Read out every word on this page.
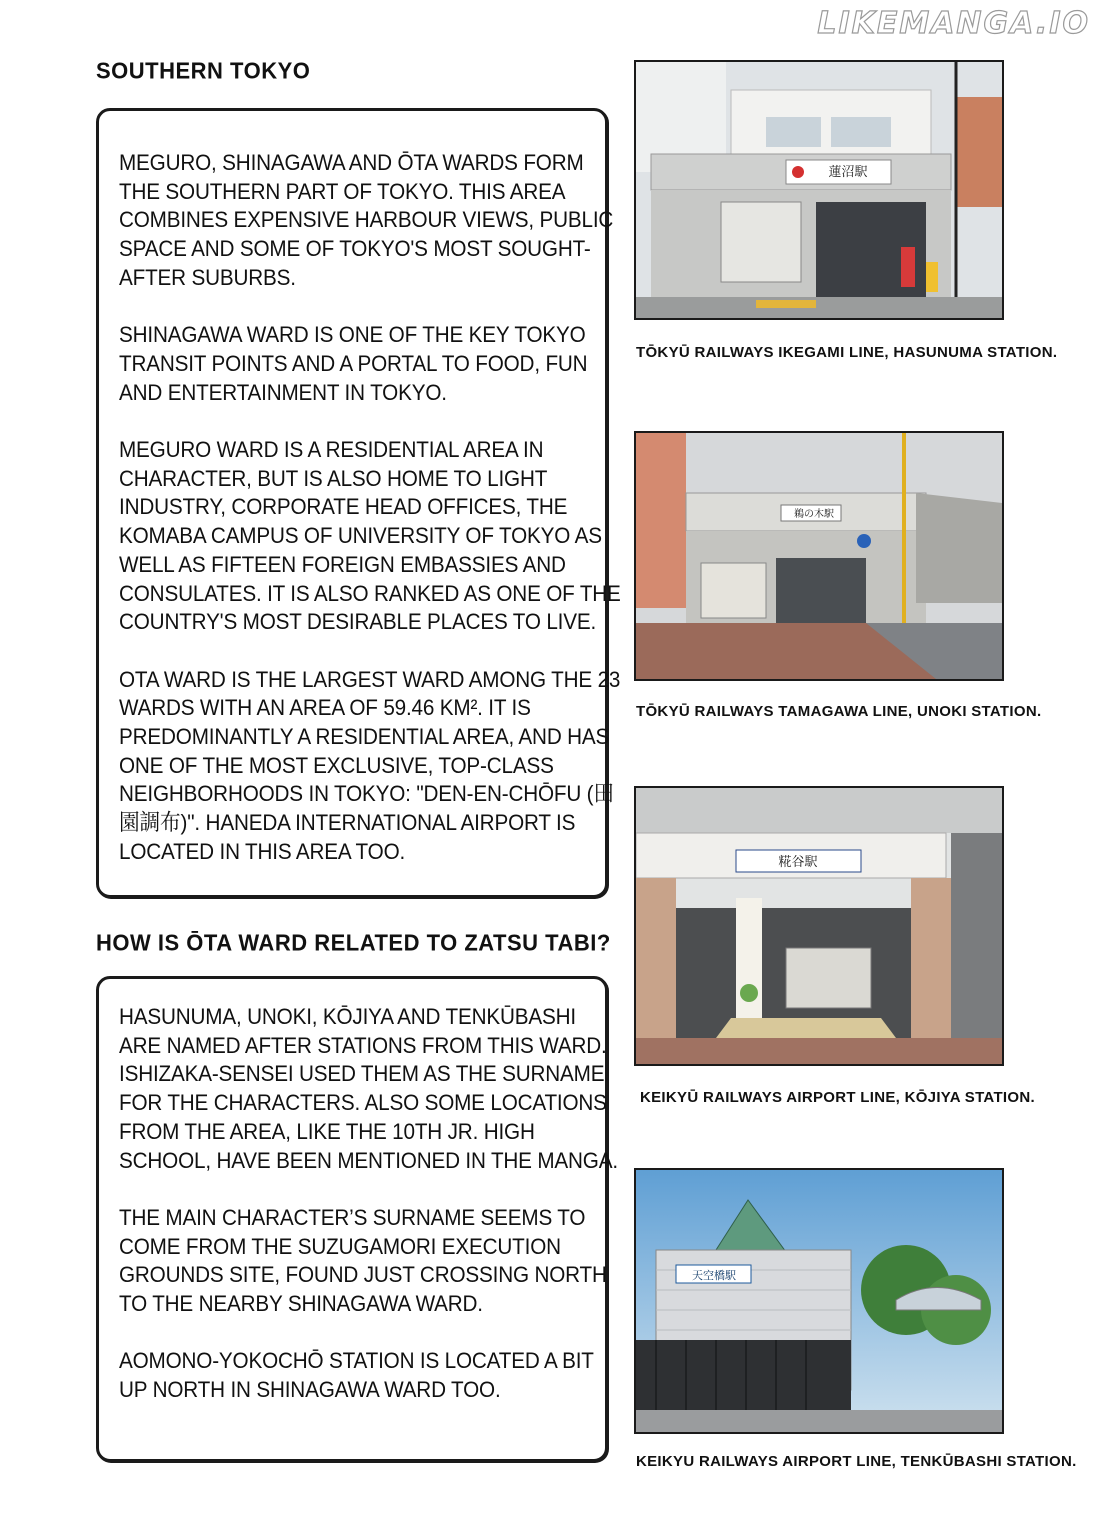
LIKEMANGA.IO
SOUTHERN TOKYO

MEGURO, SHINAGAWA AND ŌTA WARDS FORM THE SOUTHERN PART OF TOKYO. THIS AREA COMBINES EXPENSIVE HARBOUR VIEWS, PUBLIC SPACE AND SOME OF TOKYO'S MOST SOUGHT-AFTER SUBURBS.

SHINAGAWA WARD IS ONE OF THE KEY TOKYO TRANSIT POINTS AND A PORTAL TO FOOD, FUN AND ENTERTAINMENT IN TOKYO.

MEGURO WARD IS A RESIDENTIAL AREA IN CHARACTER, BUT IS ALSO HOME TO LIGHT INDUSTRY, CORPORATE HEAD OFFICES, THE KOMABA CAMPUS OF UNIVERSITY OF TOKYO AS WELL AS FIFTEEN FOREIGN EMBASSIES AND CONSULATES. IT IS ALSO RANKED AS ONE OF THE COUNTRY'S MOST DESIRABLE PLACES TO LIVE.

OTA WARD IS THE LARGEST WARD AMONG THE 23 WARDS WITH AN AREA OF 59.46 KM². IT IS PREDOMINANTLY A RESIDENTIAL AREA, AND HAS ONE OF THE MOST EXCLUSIVE, TOP-CLASS NEIGHBORHOODS IN TOKYO: "DEN-EN-CHŌFU (田園調布)". HANEDA INTERNATIONAL AIRPORT IS LOCATED IN THIS AREA TOO.

HOW IS ŌTA WARD RELATED TO ZATSU TABI?

HASUNUMA, UNOKI, KŌJIYA AND TENKŪBASHI ARE NAMED AFTER STATIONS FROM THIS WARD. ISHIZAKA-SENSEI USED THEM AS THE SURNAME FOR THE CHARACTERS. ALSO SOME LOCATIONS FROM THE AREA, LIKE THE 10TH JR. HIGH SCHOOL, HAVE BEEN MENTIONED IN THE MANGA.

THE MAIN CHARACTER’S SURNAME SEEMS TO COME FROM THE SUZUGAMORI EXECUTION GROUNDS SITE, FOUND JUST CROSSING NORTH TO THE NEARBY SHINAGAWA WARD.

AOMONO-YOKOCHŌ STATION IS LOCATED A BIT UP NORTH IN SHINAGAWA WARD TOO.

蓮沼駅
TŌKYŪ RAILWAYS IKEGAMI LINE, HASUNUMA STATION.
鵜の木駅
TŌKYŪ RAILWAYS TAMAGAWA LINE, UNOKI STATION.
糀谷駅
KEIKYŪ RAILWAYS AIRPORT LINE, KŌJIYA STATION.
天空橋駅
KEIKYU RAILWAYS AIRPORT LINE, TENKŪBASHI STATION.
